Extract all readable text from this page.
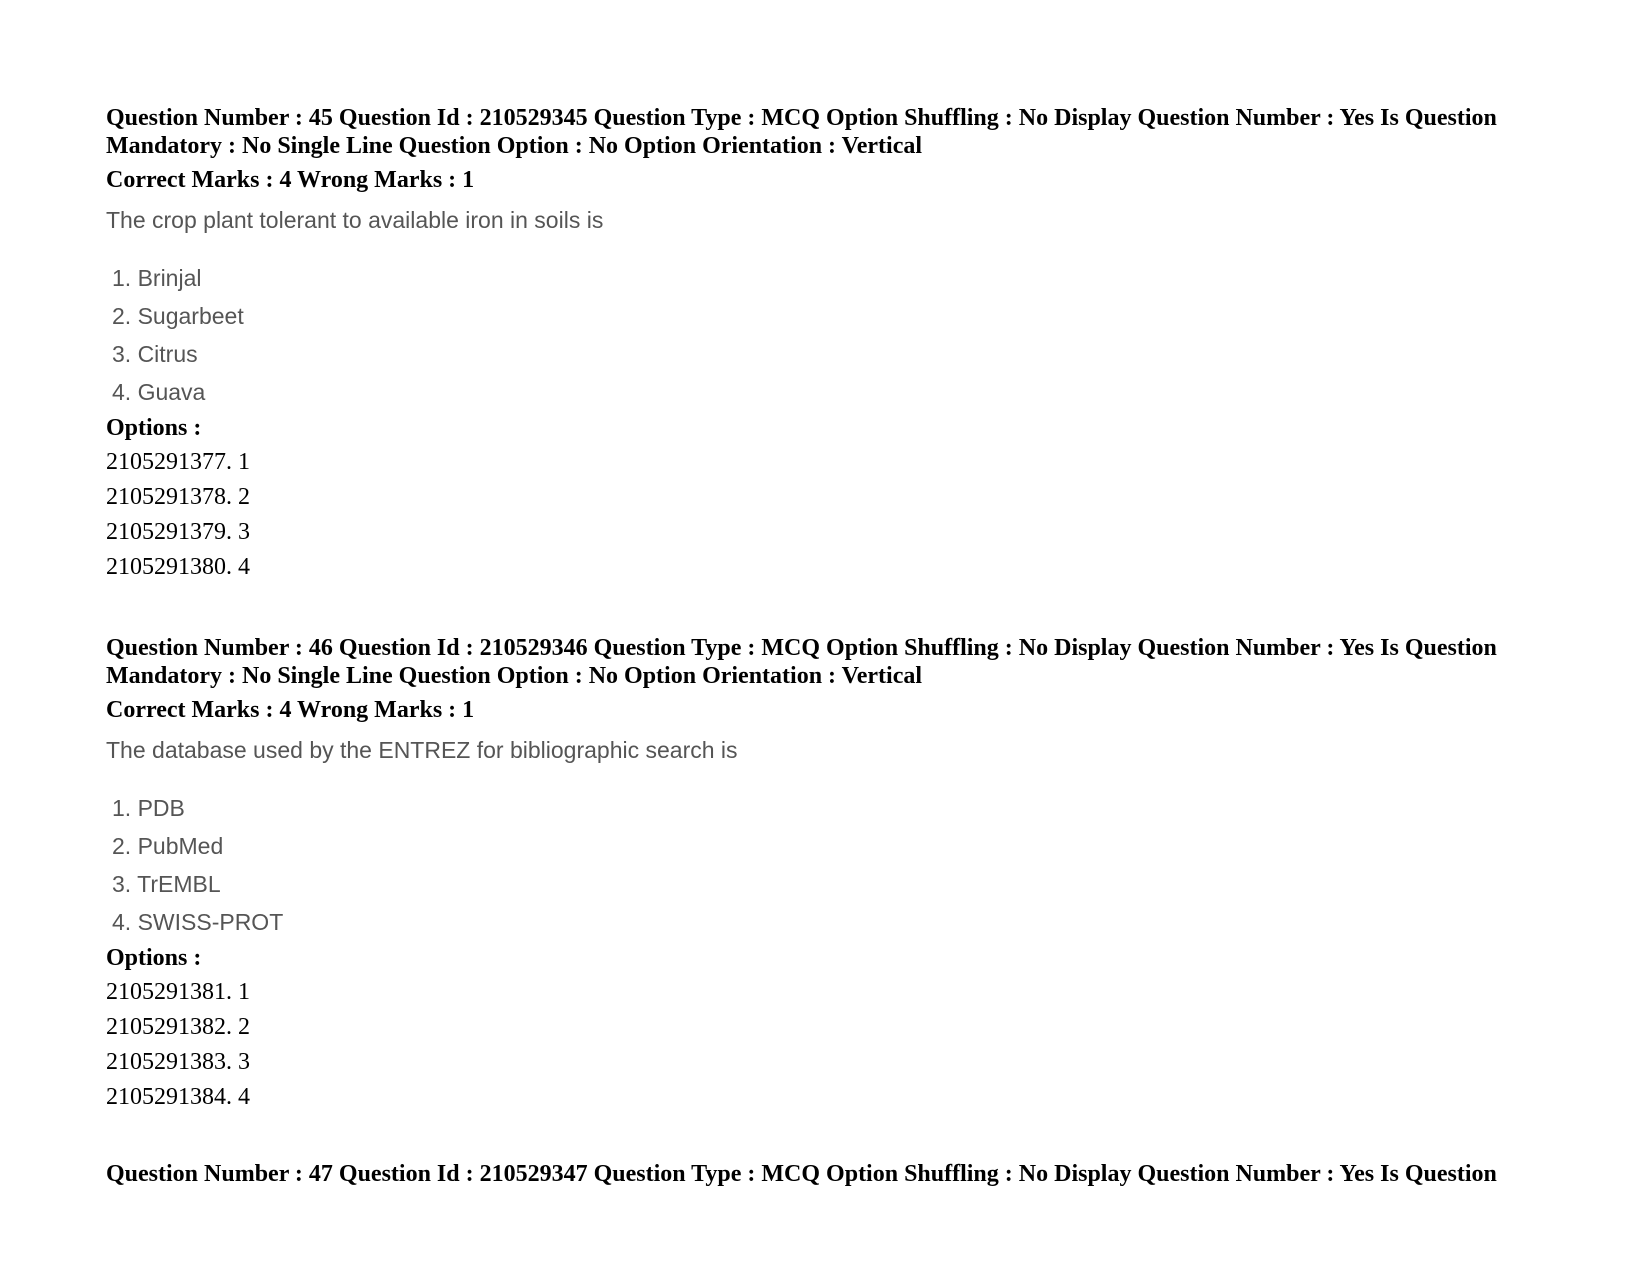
Question Number : 45 Question Id : 210529345 Question Type : MCQ Option Shuffling : No Display Question Number : Yes Is Question
Mandatory : No Single Line Question Option : No Option Orientation : Vertical
Correct Marks : 4 Wrong Marks : 1
The crop plant tolerant to available iron in soils is
1. Brinjal
2. Sugarbeet
3. Citrus
4. Guava
Options :
2105291377. 1
2105291378. 2
2105291379. 3
2105291380. 4
Question Number : 46 Question Id : 210529346 Question Type : MCQ Option Shuffling : No Display Question Number : Yes Is Question
Mandatory : No Single Line Question Option : No Option Orientation : Vertical
Correct Marks : 4 Wrong Marks : 1
The database used by the ENTREZ for bibliographic search is
1. PDB
2. PubMed
3. TrEMBL
4. SWISS-PROT
Options :
2105291381. 1
2105291382. 2
2105291383. 3
2105291384. 4
Question Number : 47 Question Id : 210529347 Question Type : MCQ Option Shuffling : No Display Question Number : Yes Is Question
